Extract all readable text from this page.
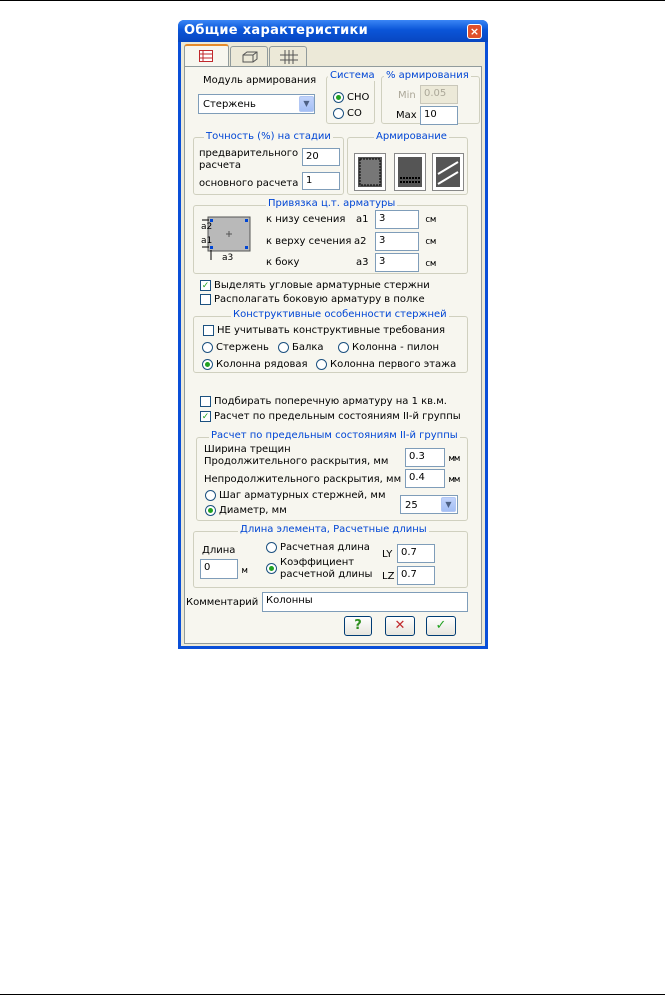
Общие характеристики	×
Модуль армирования
Стержень	▼
Система
СНО
СО
% армирования
Min 0.05
Max 10
Точность (%) на стадии
предварительного
расчета
20
основного расчета 1
Армирование
Привязка ц.т. арматуры
a2
a1
a3
к низу сечения a1	3	см
к верху сечения a2	3	см
к боку	a3	3	см
✓ Выделять угловые арматурные стержни
Располагать боковую арматуру в полке
Конструктивные особенности стержней
НЕ учитывать конструктивные требования
Стержень Балка	Колонна - пилон
Колонна рядовая Колонна первого этажа
Подбирать поперечную арматуру на 1 кв.м.
✓ Расчет по предельным состояниям II-й группы
Расчет по предельным состояниям II-й группы
Ширина трещин
Продолжительного раскрытия, мм	0.3	мм
Непродолжительного раскрытия, мм 0.4	мм
Шаг арматурных стержней, мм
Диаметр, мм	25	▼
Длина элемента, Расчетные длины
Длина
0	м
Расчетная длина
Коэффициент
расчетной длины
LY 0.7
LZ 0.7
Комментарий Колонны
?	✕	✓
